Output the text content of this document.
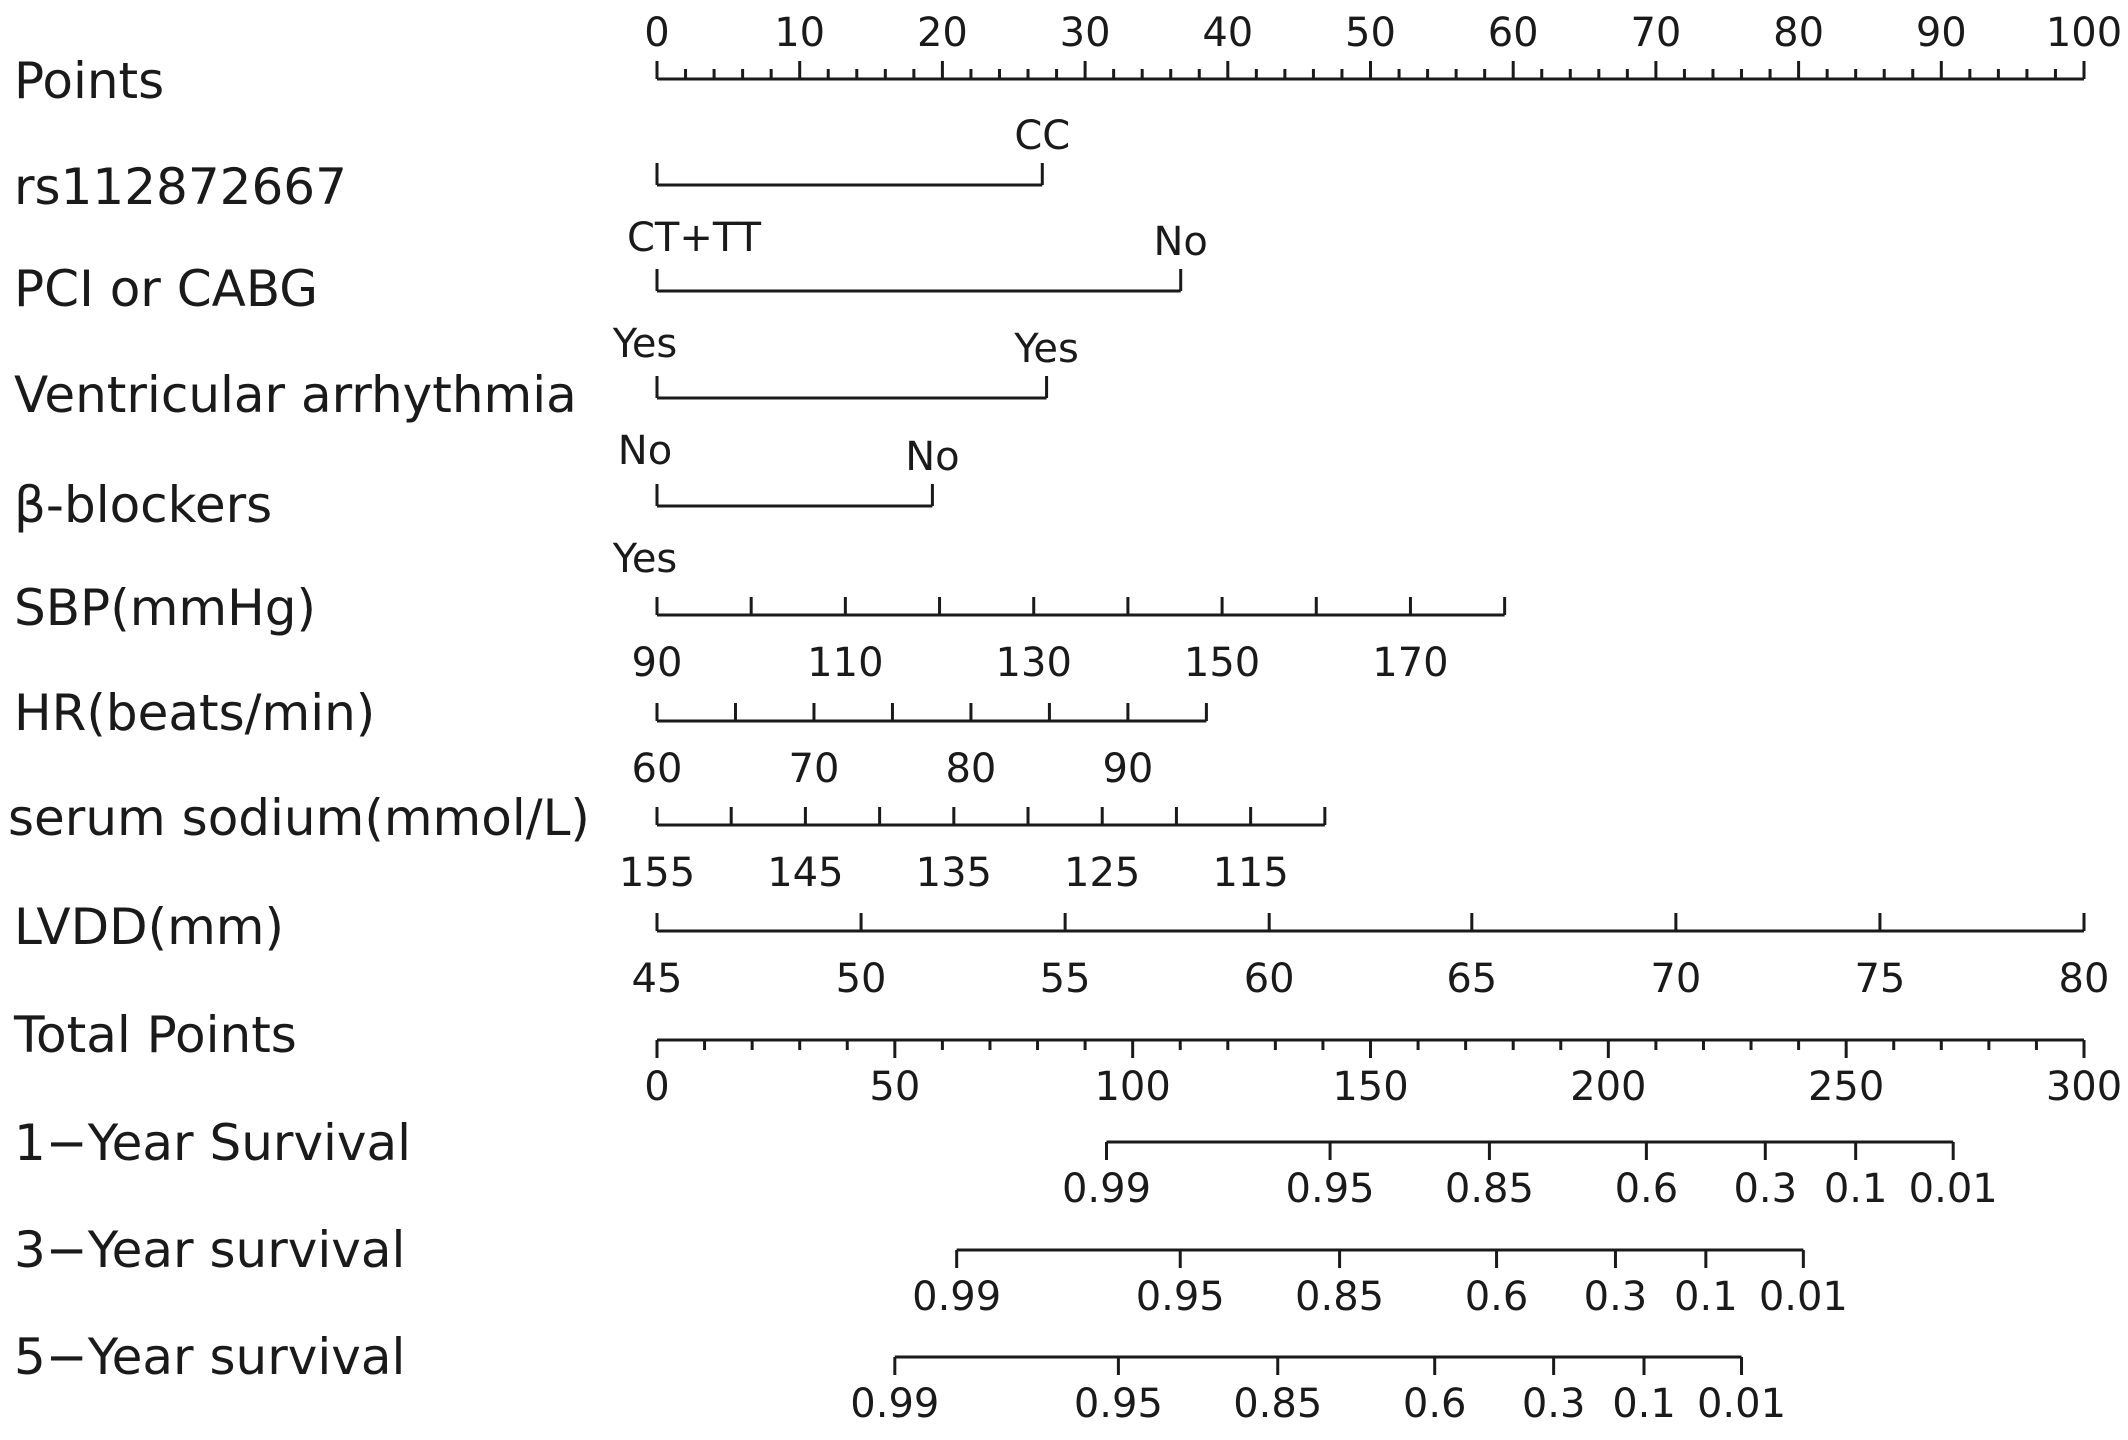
Points
0	10 20 30 40 50 60 70 80 90 100
rs112872667
CT+TT
CC
PCI or CABG
Yes
No
Ventricular arrhythmia
No
Yes
β-blockers
Yes
No
SBP(mmHg)
90	110	130	150	170
HR(beats/min)
60	70	80	90
serum sodium(mmol/L)
155 145 135 125 115
LVDD(mm)
45	50	55	60	65	70	75	80
Total Points
0	50	100	150	200	250	300
1−Year Survival
0.99	0.95 0.85 0.6 0.3 0.1 0.01
3−Year survival
0.99	0.95 0.85 0.6 0.3 0.1 0.01
5−Year survival
0.99	0.95 0.85 0.6 0.3 0.1 0.01
